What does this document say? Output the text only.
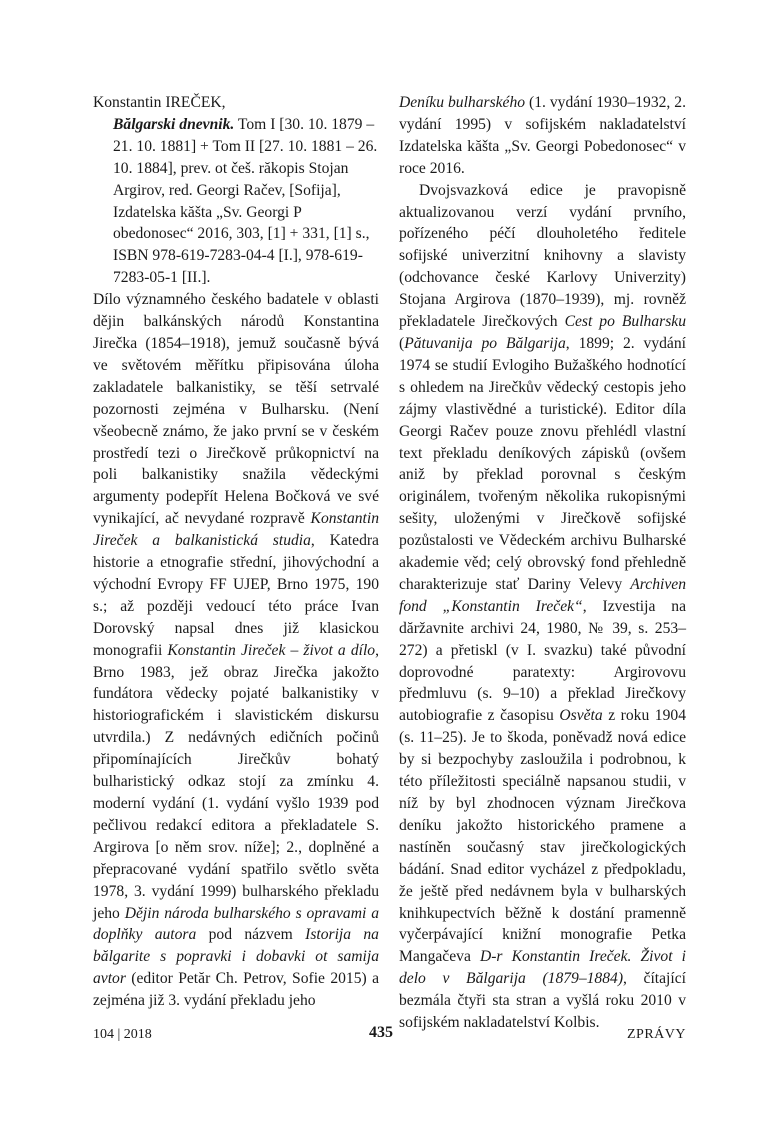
Konstantin IREČEK,
Bălgarski dnevnik. Tom I [30. 10. 1879 – 21. 10. 1881] + Tom II [27. 10. 1881 – 26. 10. 1884], prev. ot češ. răkopis Stojan Argirov, red. Georgi Račev, [Sofija], Izdatelska kăšta „Sv. Georgi P obedonosec“ 2016, 303, [1] + 331, [1] s., ISBN 978-619-7283-04-4 [I.], 978-619-7283-05-1 [II.].

Dílo významného českého badatele v oblasti dějin balkánských národů Konstantina Jirečka (1854–1918), jemuž současně bývá ve světovém měřítku připisována úloha zakladatele balkanistiky, se těší setrvalé pozornosti zejména v Bulharsku. (Není všeobecně známo, že jako první se v českém prostředí tezi o Jirečkově průkopnictví na poli balkanistiky snažila vědeckými argumenty podepřít Helena Bočková ve své vynikající, ač nevydané rozpravě Konstantin Jireček a balkanistická studia, Katedra historie a etnografie střední, jihovýchodní a východní Evropy FF UJEP, Brno 1975, 190 s.; až později vedoucí této práce Ivan Dorovský napsal dnes již klasickou monografii Konstantin Jireček – život a dílo, Brno 1983, jež obraz Jirečka jakožto fundátora vědecky pojaté balkanistiky v historiografickém i slavistickém diskursu utvrdila.) Z nedávných edičních počinů připomínajících Jirečkův bohatý bulharistický odkaz stojí za zmínku 4. moderní vydání (1. vydání vyšlo 1939 pod pečlivou redakcí editora a překladatele S. Argirova [o něm srov. níže]; 2., doplněné a přepracované vydání spatřilo světlo světa 1978, 3. vydání 1999) bulharského překladu jeho Dějin národa bulharského s opravami a doplňky autora pod názvem Istorija na bălgarite s popravki i dobavki ot samija avtor (editor Petăr Ch. Petrov, Sofie 2015) a zejména již 3. vydání překladu jeho

Deníku bulharského (1. vydání 1930–1932, 2. vydání 1995) v sofijském nakladatelství Izdatelska kăšta „Sv. Georgi Pobedonosec“ v roce 2016.

Dvojsvazková edice je pravopisně aktualizovanou verzí vydání prvního, pořízeného péčí dlouholetého ředitele sofijské univerzitní knihovny a slavisty (odchovance české Karlovy Univerzity) Stojana Argirova (1870–1939), mj. rovněž překladatele Jirečkových Cest po Bulharsku (Pătuvanija po Bălgarija, 1899; 2. vydání 1974 se studií Evlogiho Bužaškého hodnotící s ohledem na Jirečkův vědecký cestopis jeho zájmy vlastivědné a turistické). Editor díla Georgi Račev pouze znovu přehlédl vlastní text překladu deníkových zápisků (ovšem aniž by překlad porovnal s českým originálem, tvořeným několika rukopisnými sešity, uloženými v Jirečkově sofijské pozůstalosti ve Vědeckém archivu Bulharské akademie věd; celý obrovský fond přehledně charakterizuje stať Dariny Velevy Archiven fond „Konstantin Ireček“, Izvestija na dăržavnite archivi 24, 1980, № 39, s. 253–272) a přetiskl (v I. svazku) také původní doprovodné paratexty: Argirovovu předmluvu (s. 9–10) a překlad Jirečkovy autobiografie z časopisu Osvěta z roku 1904 (s. 11–25). Je to škoda, poněvadž nová edice by si bezpochyby zasloužila i podrobnou, k této příležitosti speciálně napsanou studii, v níž by byl zhodnocen význam Jirečkova deníku jakožto historického pramene a nastíněn současný stav jirečkologických bádání. Snad editor vycházel z předpokladu, že ještě před nedávnem byla v bulharských knihkupectvích běžně k dostání pramenně vyčerpávající knižní monografie Petka Mangačeva D-r Konstantin Ireček. Život i delo v Bălgarija (1879–1884), čítající bezmála čtyři sta stran a vyšlá roku 2010 v sofijském nakladatelství Kolbis.

104 | 2018	435	ZPRÁVY
